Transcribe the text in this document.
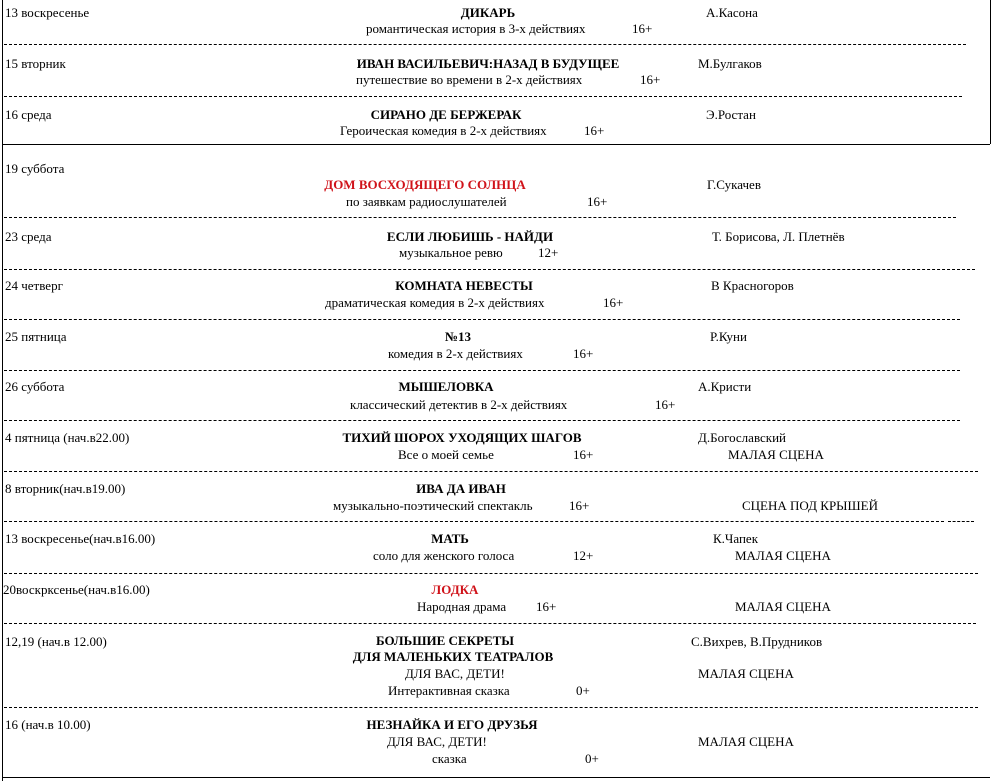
13 воскресенье	ДИКАРЬ	А.Касона
романтическая история в 3-х действиях	16+
15 вторник	ИВАН ВАСИЛЬЕВИЧ:НАЗАД В БУДУЩЕЕ	М.Булгаков
путешествие во времени в 2-х действиях	16+
16 среда	СИРАНО ДЕ БЕРЖЕРАК	Э.Ростан
Героическая комедия в 2-х действиях	16+
19 суббота
ДОМ ВОСХОДЯЩЕГО СОЛНЦА	Г.Сукачев
по заявкам радиослушателей	16+
23 среда	ЕСЛИ ЛЮБИШЬ - НАЙДИ	Т. Борисова, Л. Плетнёв
музыкальное ревю	12+
24 четверг	КОМНАТА НЕВЕСТЫ	В Красногоров
драматическая комедия в 2-х действиях	16+
25 пятница	№13	Р.Куни
комедия в 2-х действиях	16+
26 суббота	МЫШЕЛОВКА	А.Кристи
классический детектив в 2-х действиях	16+
4 пятница (нач.в22.00)	ТИХИЙ ШОРОХ УХОДЯЩИХ ШАГОВ	Д.Богославский
Все о моей семье	16+	МАЛАЯ СЦЕНА
8 вторник(нач.в19.00)	ИВА ДА ИВАН
музыкально-поэтический спектакль	16+	СЦЕНА ПОД КРЫШЕЙ
13 воскресенье(нач.в16.00)	МАТЬ	К.Чапек
соло для женского голоса	12+	МАЛАЯ СЦЕНА
20воскрксенье(нач.в16.00)	ЛОДКА
Народная драма 16+	МАЛАЯ СЦЕНА
12,19 (нач.в 12.00)	БОЛЬШИЕ СЕКРЕТЫ
ДЛЯ МАЛЕНЬКИХ ТЕАТРАЛОВ
С.Вихрев, В.Прудников
ДЛЯ ВАС, ДЕТИ!	МАЛАЯ СЦЕНА
Интерактивная сказка	0+
16 (нач.в 10.00)	НЕЗНАЙКА И ЕГО ДРУЗЬЯ
ДЛЯ ВАС, ДЕТИ!	МАЛАЯ СЦЕНА
сказка	0+
